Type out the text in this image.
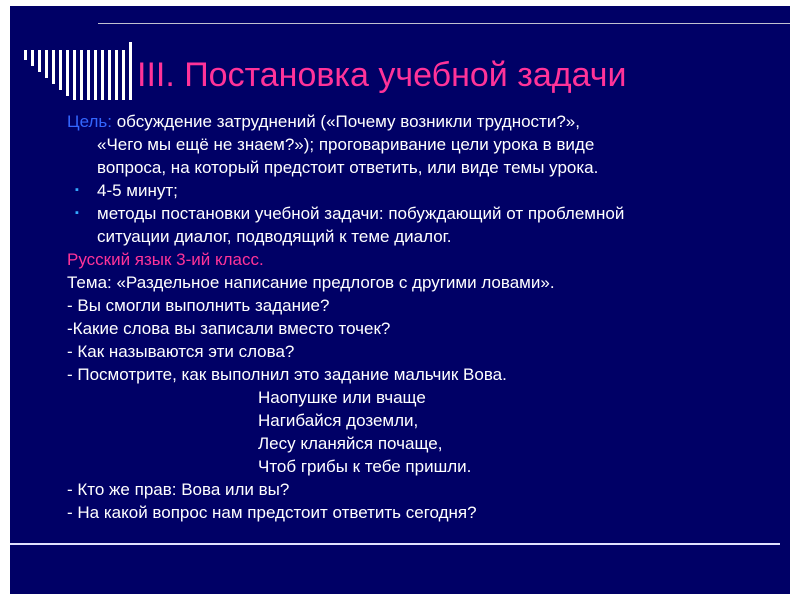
III. Постановка учебной задачи
Цель: обсуждение затруднений («Почему возникли трудности?»,
«Чего мы ещё не знаем?»); проговаривание цели урока в виде
вопроса, на который предстоит ответить, или виде темы урока.
▪ 4-5 минут;
▪ методы постановки учебной задачи: побуждающий от проблемной
ситуации диалог, подводящий к теме диалог.
Русский язык 3-ий класс.
Тема: «Раздельное написание предлогов с другими ловами».
- Вы смогли выполнить задание?
-Какие слова вы записали вместо точек?
- Как называются эти слова?
- Посмотрите, как выполнил это задание мальчик Вова.
Наопушке или вчаще
Нагибайся доземли,
Лесу кланяйся почаще,
Чтоб грибы к тебе пришли.
- Кто же прав: Вова или вы?
- На какой вопрос нам предстоит ответить сегодня?
